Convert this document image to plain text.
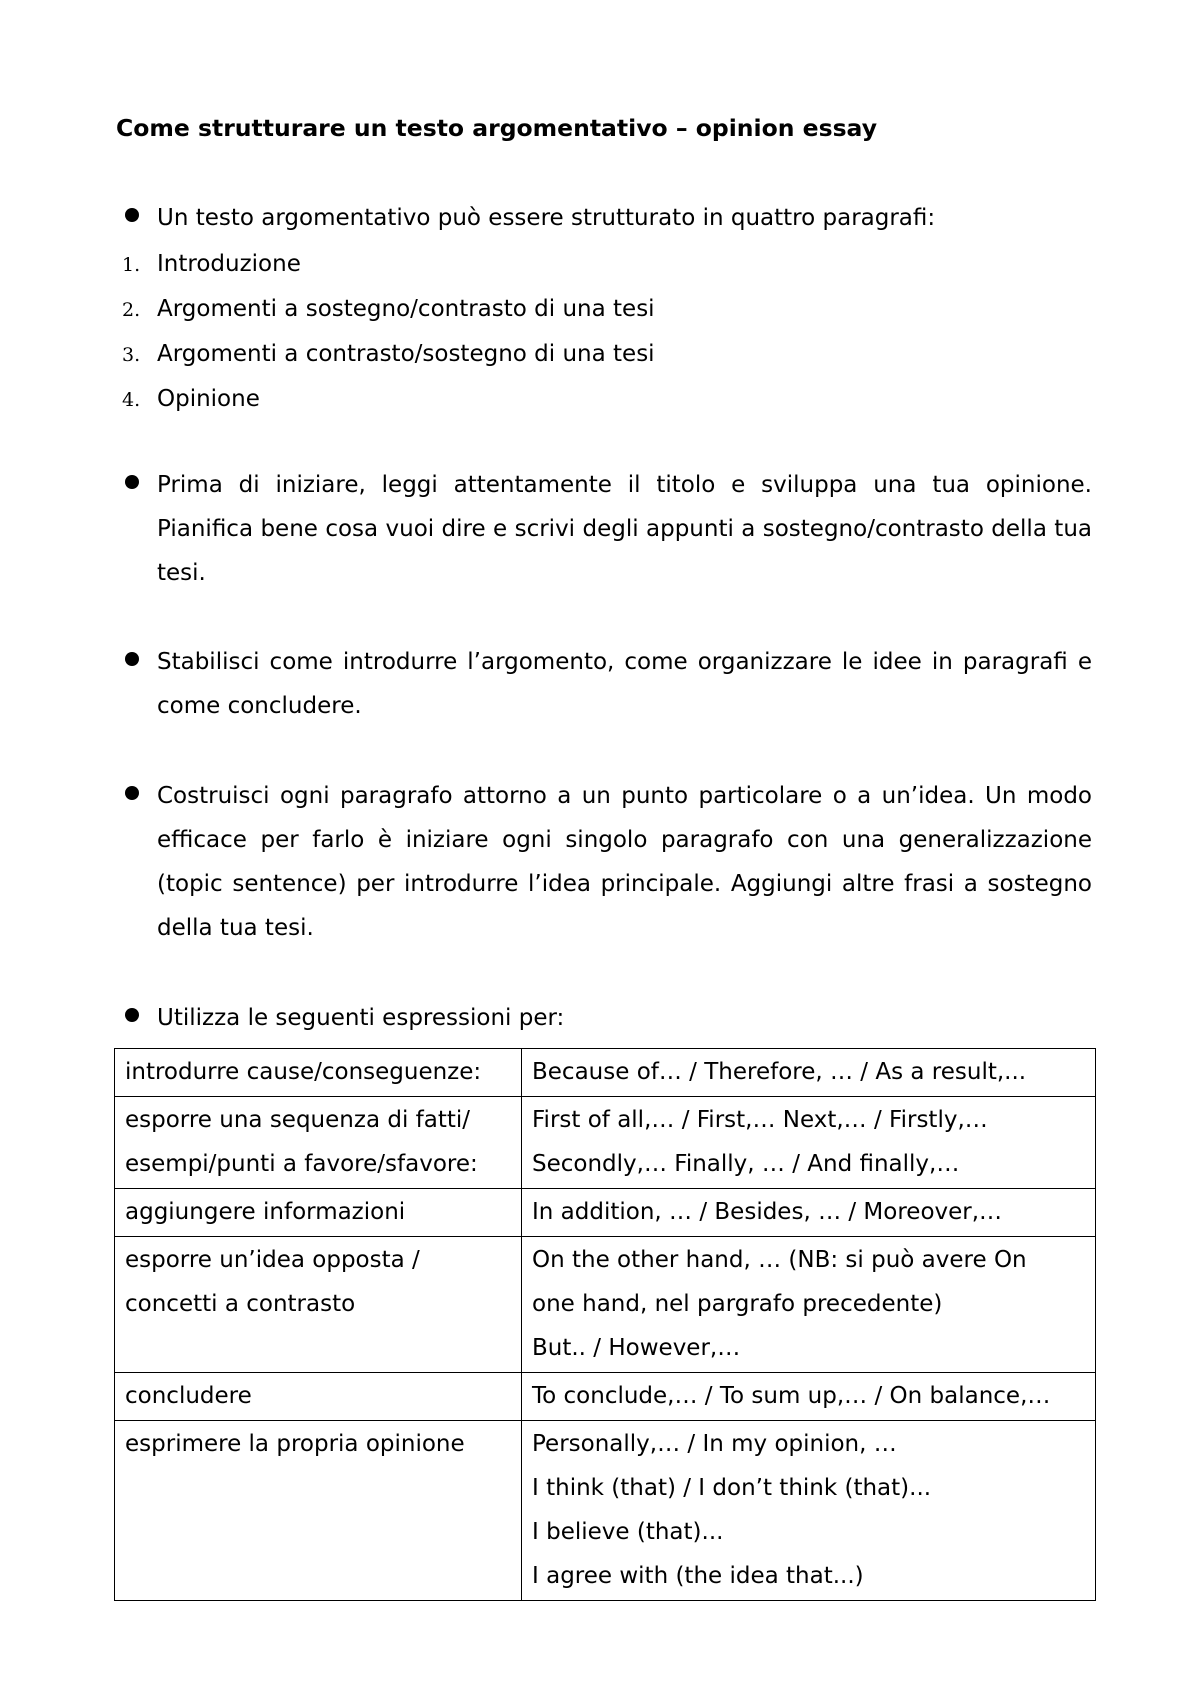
Come strutturare un testo argomentativo – opinion essay
Un testo argomentativo può essere strutturato in quattro paragrafi:
1. Introduzione
2. Argomenti a sostegno/contrasto di una tesi
3. Argomenti a contrasto/sostegno di una tesi
4. Opinione
Prima di iniziare, leggi attentamente il titolo e sviluppa una tua opinione. Pianifica bene cosa vuoi dire e scrivi degli appunti a sostegno/contrasto della tua tesi.
Stabilisci come introdurre l’argomento, come organizzare le idee in paragrafi e come concludere.
Costruisci ogni paragrafo attorno a un punto particolare o a un’idea. Un modo efficace per farlo è iniziare ogni singolo paragrafo con una generalizzazione (topic sentence) per introdurre l’idea principale. Aggiungi altre frasi a sostegno della tua tesi.
Utilizza le seguenti espressioni per:
introdurre cause/conseguenze:	Because of… / Therefore, … / As a result,...

esporre una sequenza di fatti/
esempi/punti a favore/sfavore:	First of all,… / First,… Next,… / Firstly,…
Secondly,… Finally, … / And finally,…

aggiungere informazioni	In addition, … / Besides, … / Moreover,…

esporre un’idea opposta /
concetti a contrasto	On the other hand, … (NB: si può avere On
one hand, nel pargrafo precedente)
But.. / However,…

concludere	To conclude,… / To sum up,… / On balance,…

esprimere la propria opinione	Personally,… / In my opinion, …
I think (that) / I don’t think (that)...
I believe (that)...
I agree with (the idea that...)
